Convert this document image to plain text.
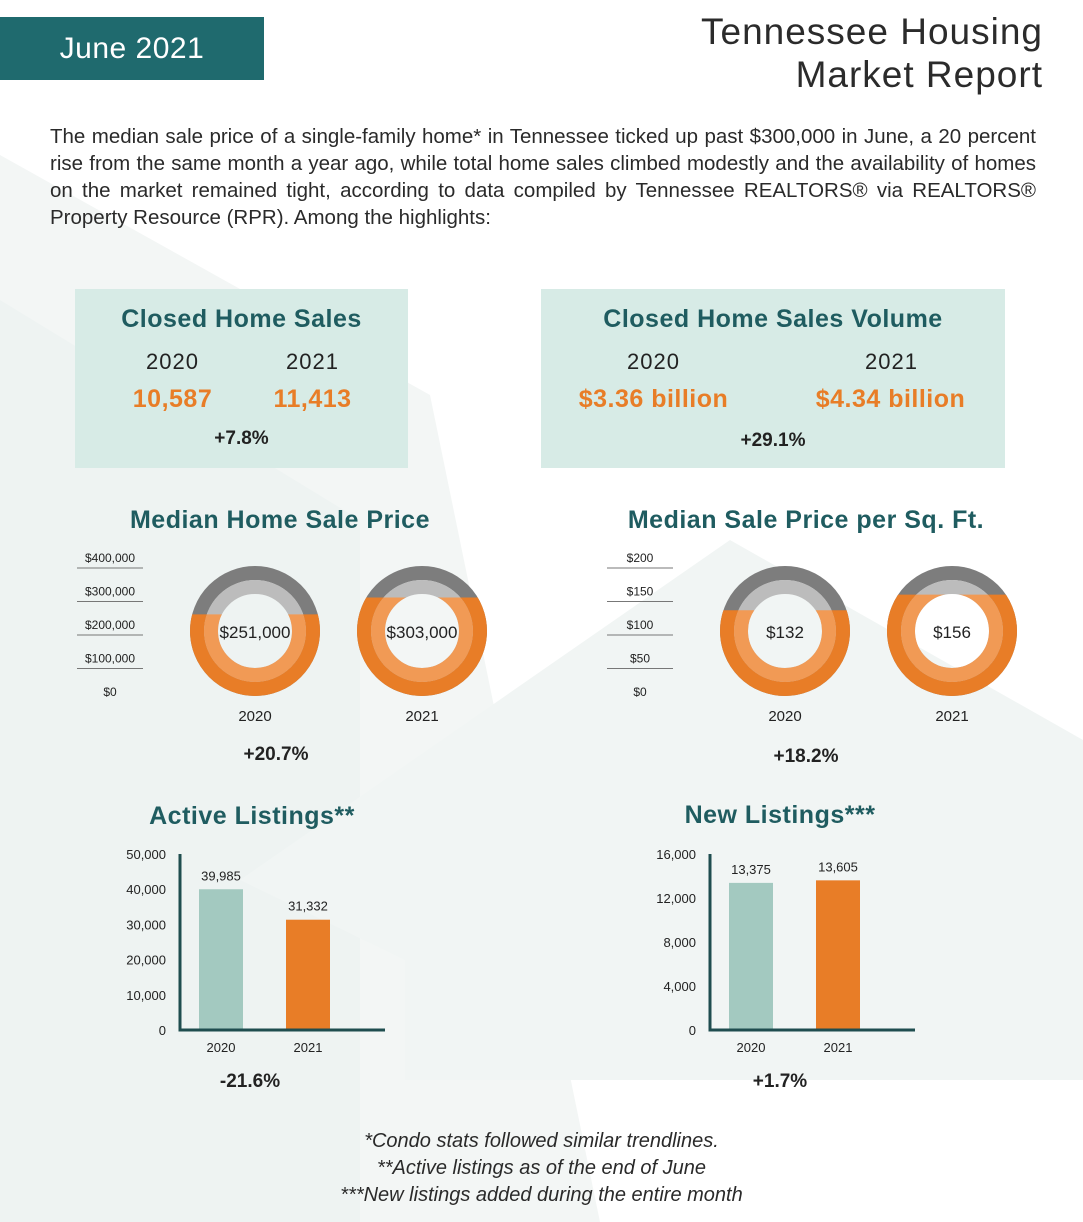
June 2021	Tennessee Housing
Market Report
The median sale price of a single-family home* in Tennessee ticked up past $300,000 in June, a 20 percent rise from the same month a year ago, while total home sales climbed modestly and the availability of homes on the market remained tight, according to data compiled by Tennessee REALTORS® via REALTORS® Property Resource (RPR). Among the highlights:
Closed Home Sales
2020	2021
10,587	11,413
+7.8%
Closed Home Sales Volume
2020	2021
$3.36 billion	$4.34 billion
+29.1%
Median Home Sale Price
$400,000
$300,000
$200,000
$100,000
$0
$251,000
2020
$303,000
2021
+20.7%
Median Sale Price per Sq. Ft.
$200
$150
$100
$50
$0
$132
2020
$156
2021
+18.2%
Active Listings**
50,000
40,000
30,000
20,000
10,000
0
39,985
2020
31,332
2021
-21.6%
New Listings***
16,000
12,000
8,000
4,000
0
13,375
2020
13,605
2021
+1.7%
*Condo stats followed similar trendlines.
**Active listings as of the end of June
***New listings added during the entire month
